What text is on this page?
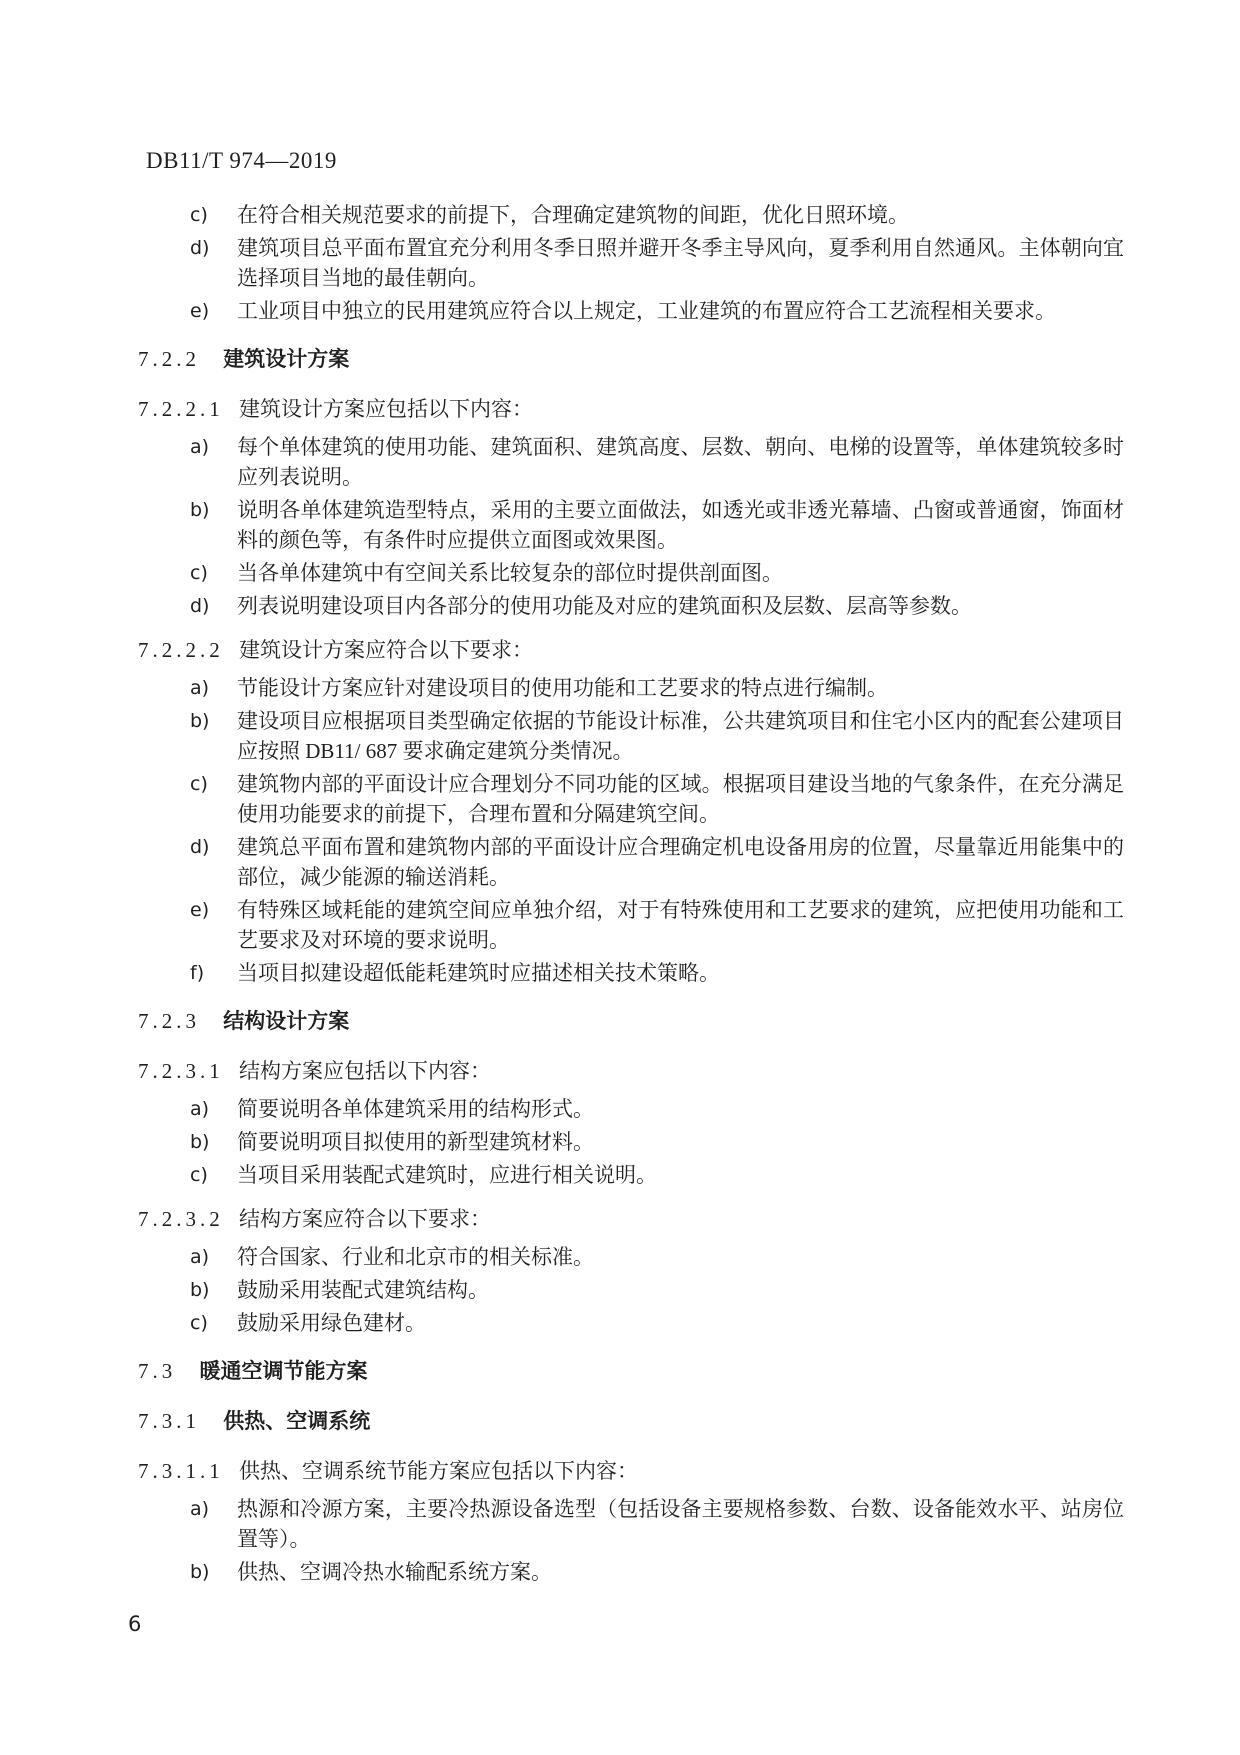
DB11/T 974—2019
c)	在符合相关规范要求的前提下，合理确定建筑物的间距，优化日照环境。
d)	建筑项目总平面布置宜充分利用冬季日照并避开冬季主导风向，夏季利用自然通风。主体朝向宜选择项目当地的最佳朝向。
e)	工业项目中独立的民用建筑应符合以上规定，工业建筑的布置应符合工艺流程相关要求。
7.2.2 建筑设计方案
7.2.2.1 建筑设计方案应包括以下内容：
a)	每个单体建筑的使用功能、建筑面积、建筑高度、层数、朝向、电梯的设置等，单体建筑较多时应列表说明。
b)	说明各单体建筑造型特点，采用的主要立面做法，如透光或非透光幕墙、凸窗或普通窗，饰面材料的颜色等，有条件时应提供立面图或效果图。
c)	当各单体建筑中有空间关系比较复杂的部位时提供剖面图。
d)	列表说明建设项目内各部分的使用功能及对应的建筑面积及层数、层高等参数。
7.2.2.2 建筑设计方案应符合以下要求：
a)	节能设计方案应针对建设项目的使用功能和工艺要求的特点进行编制。
b)	建设项目应根据项目类型确定依据的节能设计标准，公共建筑项目和住宅小区内的配套公建项目应按照 DB11/ 687 要求确定建筑分类情况。
c)	建筑物内部的平面设计应合理划分不同功能的区域。根据项目建设当地的气象条件，在充分满足使用功能要求的前提下，合理布置和分隔建筑空间。
d)	建筑总平面布置和建筑物内部的平面设计应合理确定机电设备用房的位置，尽量靠近用能集中的部位，减少能源的输送消耗。
e)	有特殊区域耗能的建筑空间应单独介绍，对于有特殊使用和工艺要求的建筑，应把使用功能和工艺要求及对环境的要求说明。
f)	当项目拟建设超低能耗建筑时应描述相关技术策略。
7.2.3 结构设计方案
7.2.3.1 结构方案应包括以下内容：
a)	简要说明各单体建筑采用的结构形式。
b)	简要说明项目拟使用的新型建筑材料。
c)	当项目采用装配式建筑时，应进行相关说明。
7.2.3.2 结构方案应符合以下要求：
a)	符合国家、行业和北京市的相关标准。
b)	鼓励采用装配式建筑结构。
c)	鼓励采用绿色建材。
7.3 暖通空调节能方案
7.3.1 供热、空调系统
7.3.1.1 供热、空调系统节能方案应包括以下内容：
a)	热源和冷源方案，主要冷热源设备选型（包括设备主要规格参数、台数、设备能效水平、站房位置等）。
b)	供热、空调冷热水输配系统方案。
6
